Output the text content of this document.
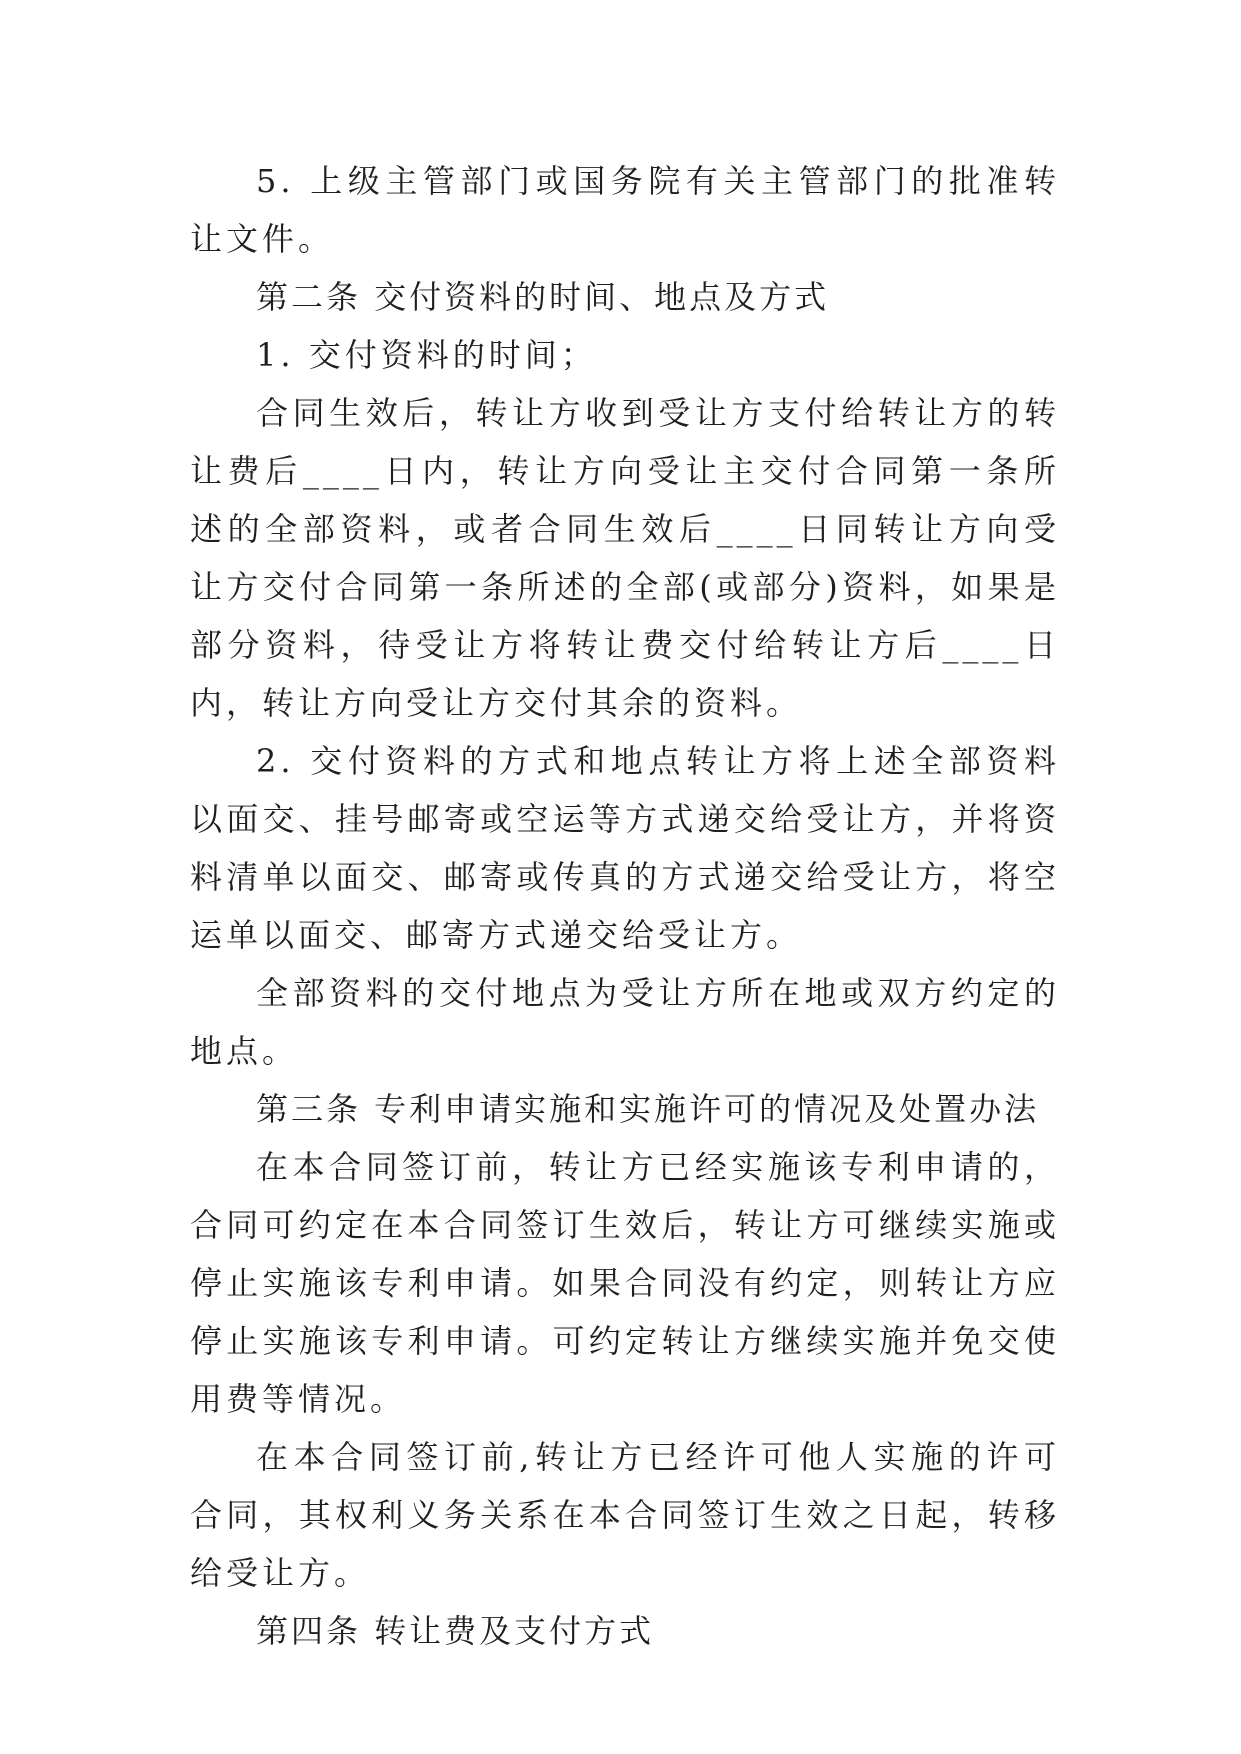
5. 上级主管部门或国务院有关主管部门的批准转让文件。

第二条 交付资料的时间、地点及方式

1. 交付资料的时间；

合同生效后，转让方收到受让方支付给转让方的转让费后____日内，转让方向受让主交付合同第一条所述的全部资料，或者合同生效后____日同转让方向受让方交付合同第一条所述的全部(或部分)资料，如果是部分资料，待受让方将转让费交付给转让方后____日内，转让方向受让方交付其余的资料。

2. 交付资料的方式和地点转让方将上述全部资料以面交、挂号邮寄或空运等方式递交给受让方，并将资料清单以面交、邮寄或传真的方式递交给受让方，将空运单以面交、邮寄方式递交给受让方。

全部资料的交付地点为受让方所在地或双方约定的地点。

第三条 专利申请实施和实施许可的情况及处置办法

在本合同签订前，转让方已经实施该专利申请的，合同可约定在本合同签订生效后，转让方可继续实施或停止实施该专利申请。如果合同没有约定，则转让方应停止实施该专利申请。可约定转让方继续实施并免交使用费等情况。

在本合同签订前,转让方已经许可他人实施的许可合同，其权利义务关系在本合同签订生效之日起，转移给受让方。

第四条 转让费及支付方式
